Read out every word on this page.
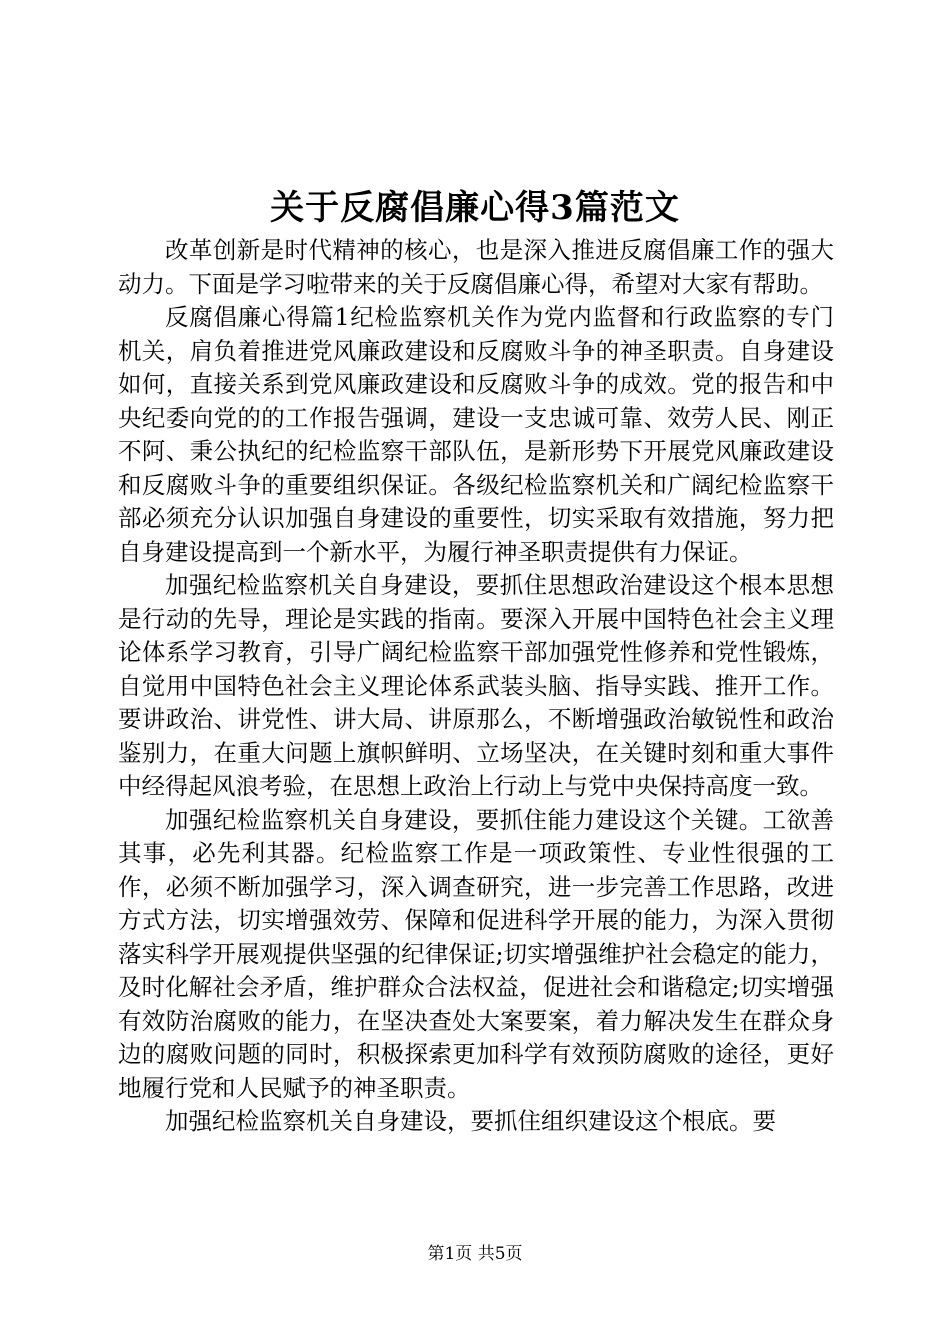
关于反腐倡廉心得3篇范文

改革创新是时代精神的核心，也是深入推进反腐倡廉工作的强大动力。下面是学习啦带来的关于反腐倡廉心得，希望对大家有帮助。

反腐倡廉心得篇1纪检监察机关作为党内监督和行政监察的专门机关，肩负着推进党风廉政建设和反腐败斗争的神圣职责。自身建设如何，直接关系到党风廉政建设和反腐败斗争的成效。党的报告和中央纪委向党的的工作报告强调，建设一支忠诚可靠、效劳人民、刚正不阿、秉公执纪的纪检监察干部队伍，是新形势下开展党风廉政建设和反腐败斗争的重要组织保证。各级纪检监察机关和广阔纪检监察干部必须充分认识加强自身建设的重要性，切实采取有效措施，努力把自身建设提高到一个新水平，为履行神圣职责提供有力保证。

加强纪检监察机关自身建设，要抓住思想政治建设这个根本思想是行动的先导，理论是实践的指南。要深入开展中国特色社会主义理论体系学习教育，引导广阔纪检监察干部加强党性修养和党性锻炼，自觉用中国特色社会主义理论体系武装头脑、指导实践、推开工作。要讲政治、讲党性、讲大局、讲原那么，不断增强政治敏锐性和政治鉴别力，在重大问题上旗帜鲜明、立场坚决，在关键时刻和重大事件中经得起风浪考验，在思想上政治上行动上与党中央保持高度一致。

加强纪检监察机关自身建设，要抓住能力建设这个关键。工欲善其事，必先利其器。纪检监察工作是一项政策性、专业性很强的工作，必须不断加强学习，深入调查研究，进一步完善工作思路，改进方式方法，切实增强效劳、保障和促进科学开展的能力，为深入贯彻落实科学开展观提供坚强的纪律保证;切实增强维护社会稳定的能力，及时化解社会矛盾，维护群众合法权益，促进社会和谐稳定;切实增强有效防治腐败的能力，在坚决查处大案要案，着力解决发生在群众身边的腐败问题的同时，积极探索更加科学有效预防腐败的途径，更好地履行党和人民赋予的神圣职责。

加强纪检监察机关自身建设，要抓住组织建设这个根底。要

第1页 共5页
